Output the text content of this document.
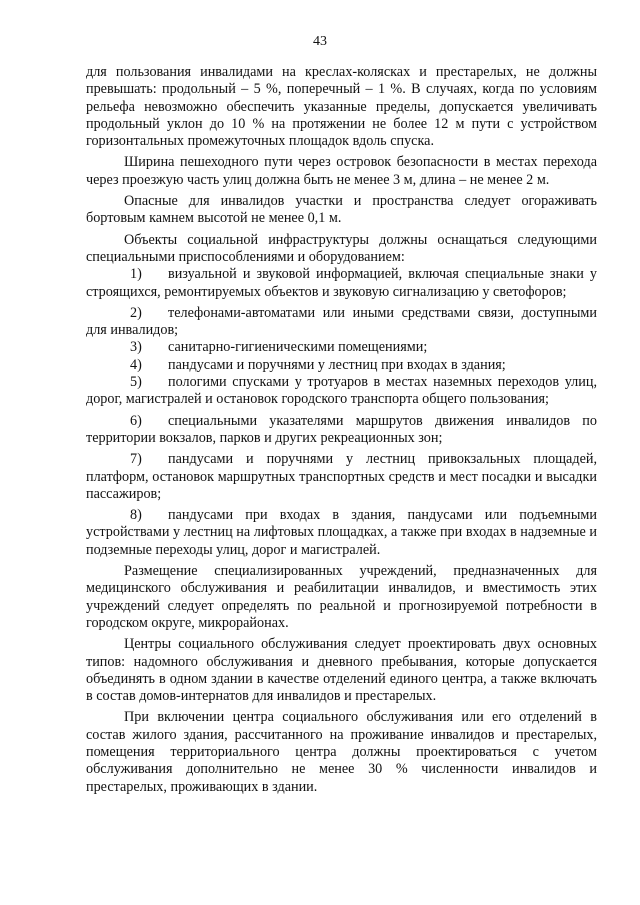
43

для пользования инвалидами на креслах-колясках и престарелых, не должны превышать: продольный – 5 %, поперечный – 1 %. В случаях, когда по условиям рельефа невозможно обеспечить указанные пределы, допускается увеличивать продольный уклон до 10 % на протяжении не более 12 м пути с устройством горизонтальных промежуточных площадок вдоль спуска.

Ширина пешеходного пути через островок безопасности в местах перехода через проезжую часть улиц должна быть не менее 3 м, длина – не менее 2 м.

Опасные для инвалидов участки и пространства следует огораживать бортовым камнем высотой не менее 0,1 м.

Объекты социальной инфраструктуры должны оснащаться следующими специальными приспособлениями и оборудованием:

1) визуальной и звуковой информацией, включая специальные знаки у строящихся, ремонтируемых объектов и звуковую сигнализацию у светофоров;

2) телефонами-автоматами или иными средствами связи, доступными для инвалидов;

3) санитарно-гигиеническими помещениями;

4) пандусами и поручнями у лестниц при входах в здания;

5) пологими спусками у тротуаров в местах наземных переходов улиц, дорог, магистралей и остановок городского транспорта общего пользования;

6) специальными указателями маршрутов движения инвалидов по территории вокзалов, парков и других рекреационных зон;

7) пандусами и поручнями у лестниц привокзальных площадей, платформ, остановок маршрутных транспортных средств и мест посадки и высадки пассажиров;

8) пандусами при входах в здания, пандусами или подъемными устройствами у лестниц на лифтовых площадках, а также при входах в надземные и подземные переходы улиц, дорог и магистралей.

Размещение специализированных учреждений, предназначенных для медицинского обслуживания и реабилитации инвалидов, и вместимость этих учреждений следует определять по реальной и прогнозируемой потребности в городском округе, микрорайонах.

Центры социального обслуживания следует проектировать двух основных типов: надомного обслуживания и дневного пребывания, которые допускается объединять в одном здании в качестве отделений единого центра, а также включать в состав домов-интернатов для инвалидов и престарелых.

При включении центра социального обслуживания или его отделений в состав жилого здания, рассчитанного на проживание инвалидов и престарелых, помещения территориального центра должны проектироваться с учетом обслуживания дополнительно не менее 30 % численности инвалидов и престарелых, проживающих в здании.
